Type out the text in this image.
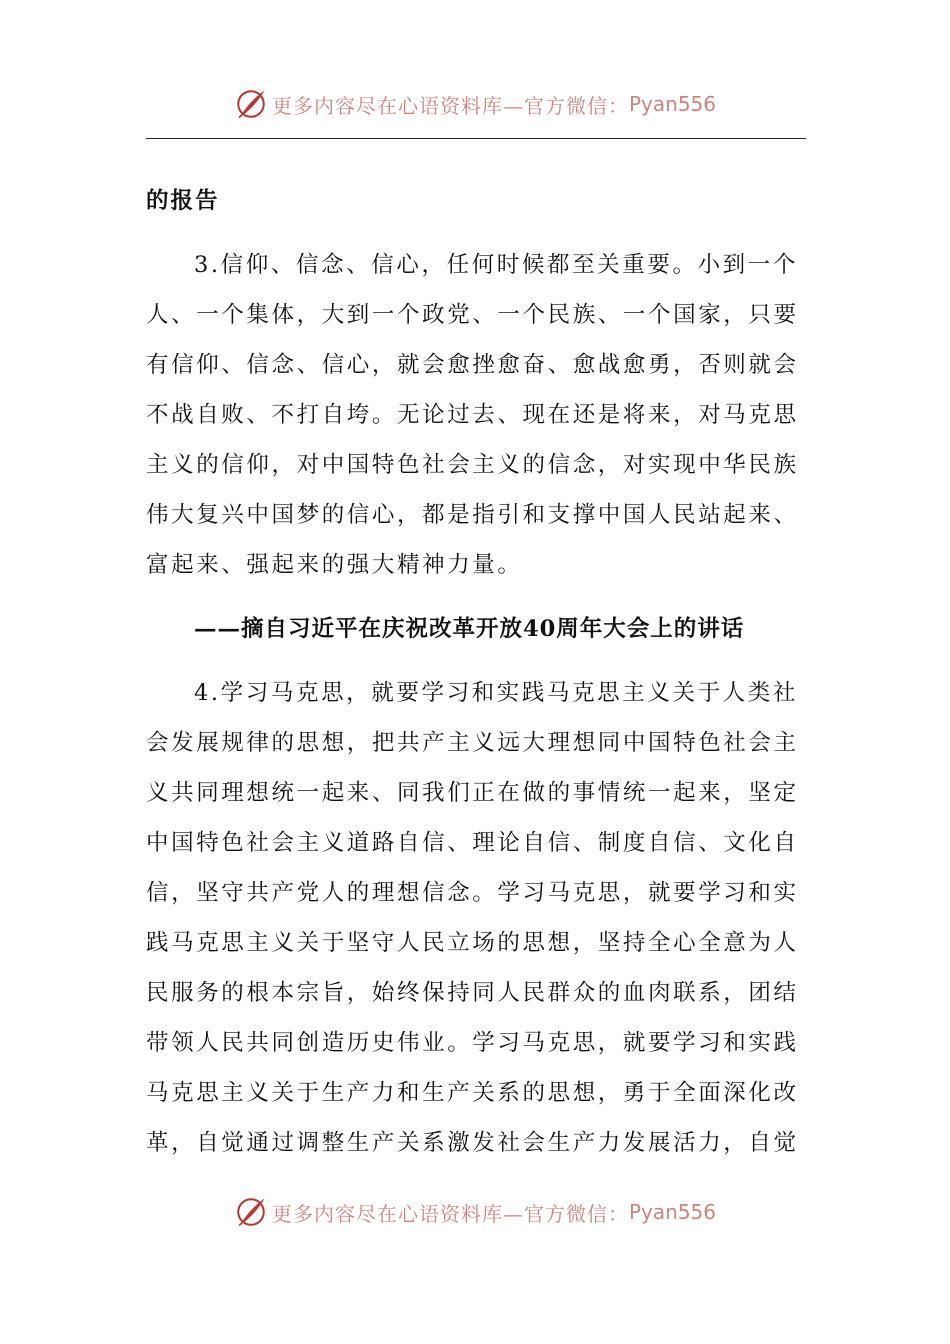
更多内容尽在心语资料库—官方微信： Pyan556
的报告
3.信仰、信念、信心，任何时候都至关重要。小到一个
人、一个集体，大到一个政党、一个民族、一个国家，只要
有信仰、信念、信心，就会愈挫愈奋、愈战愈勇，否则就会
不战自败、不打自垮。无论过去、现在还是将来，对马克思
主义的信仰，对中国特色社会主义的信念，对实现中华民族
伟大复兴中国梦的信心，都是指引和支撑中国人民站起来、
富起来、强起来的强大精神力量。
——摘自习近平在庆祝改革开放40周年大会上的讲话
4.学习马克思，就要学习和实践马克思主义关于人类社
会发展规律的思想，把共产主义远大理想同中国特色社会主
义共同理想统一起来、同我们正在做的事情统一起来，坚定
中国特色社会主义道路自信、理论自信、制度自信、文化自
信，坚守共产党人的理想信念。学习马克思，就要学习和实
践马克思主义关于坚守人民立场的思想，坚持全心全意为人
民服务的根本宗旨，始终保持同人民群众的血肉联系，团结
带领人民共同创造历史伟业。学习马克思，就要学习和实践
马克思主义关于生产力和生产关系的思想，勇于全面深化改
革，自觉通过调整生产关系激发社会生产力发展活力，自觉
更多内容尽在心语资料库—官方微信： Pyan556
